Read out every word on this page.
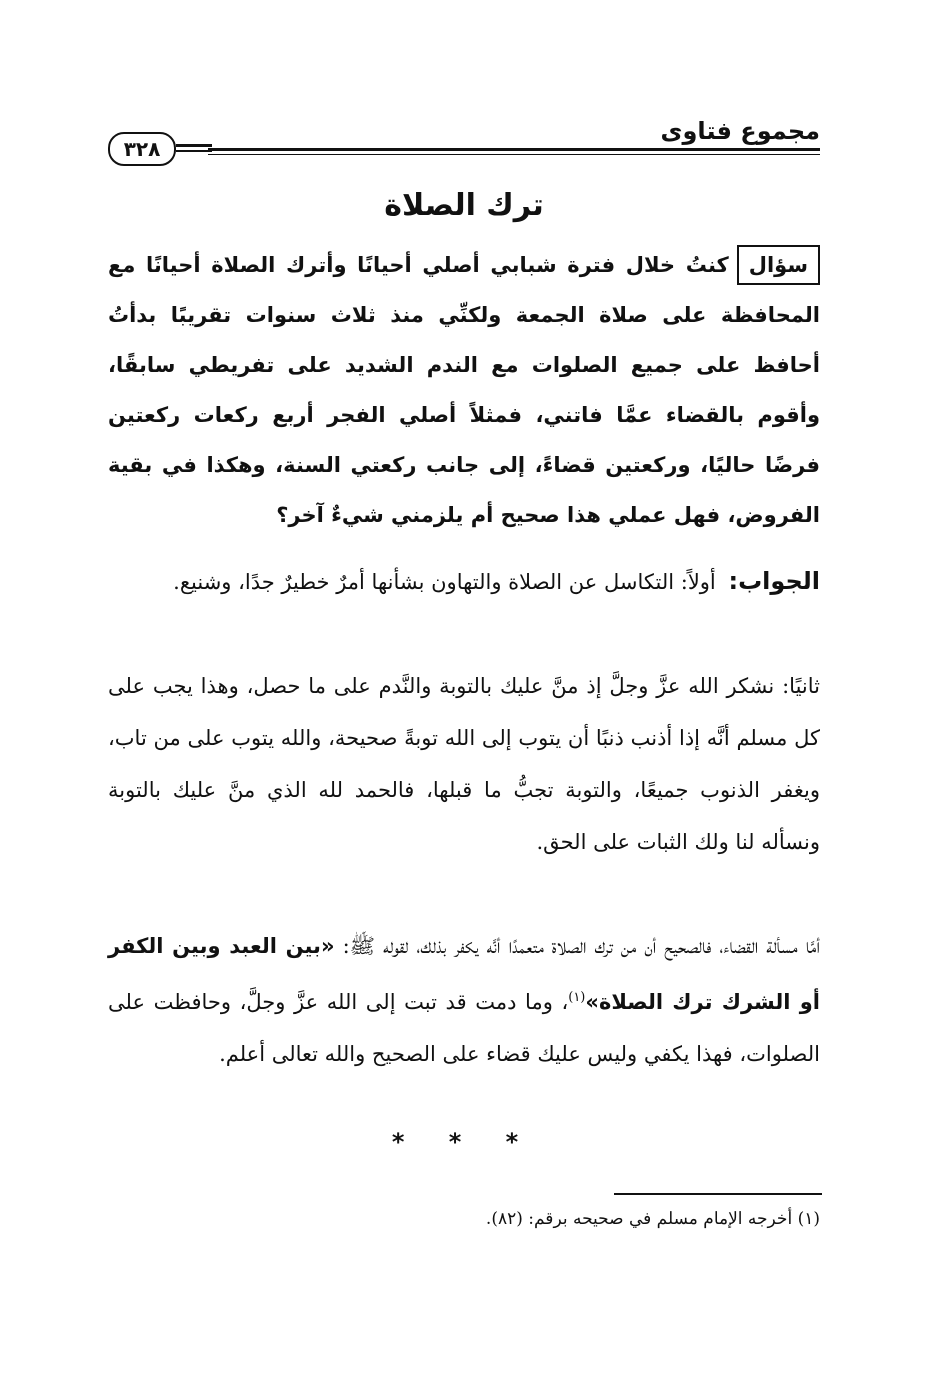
مجموع فتاوى
٣٢٨
ترك الصلاة
سؤالكنتُ خلال فترة شبابي أصلي أحيانًا وأترك الصلاة أحيانًا مع المحافظة على صلاة الجمعة ولكنِّي منذ ثلاث سنوات تقريبًا بدأتُ أحافظ على جميع الصلوات مع الندم الشديد على تفريطي سابقًا، وأقوم بالقضاء عمَّا فاتني، فمثلاً أصلي الفجر أربع ركعات ركعتين فرضًا حاليًا، وركعتين قضاءً، إلى جانب ركعتي السنة، وهكذا في بقية الفروض، فهل عملي هذا صحيح أم يلزمني شيءٌ آخر؟
الجواب: أولاً: التكاسل عن الصلاة والتهاون بشأنها أمرٌ خطيرٌ جدًا، وشنيع.
ثانيًا: نشكر الله عزَّ وجلَّ إذ منَّ عليك بالتوبة والنَّدم على ما حصل، وهذا يجب على كل مسلم أنَّه إذا أذنب ذنبًا أن يتوب إلى الله توبةً صحيحة، والله يتوب على من تاب، ويغفر الذنوب جميعًا، والتوبة تجبُّ ما قبلها، فالحمد لله الذي منَّ عليك بالتوبة ونسأله لنا ولك الثبات على الحق.
أمَّا مسألة القضاء، فالصحيح أن من ترك الصلاة متعمدًا أنَّه يكفر بذلك، لقوله ﷺ: «بين العبد وبين الكفر أو الشرك ترك الصلاة»$^{(١)}$، وما دمت قد تبت إلى الله عزَّ وجلَّ، وحافظت على الصلوات، فهذا يكفي وليس عليك قضاء على الصحيح والله تعالى أعلم.
* * *
(١) أخرجه الإمام مسلم في صحيحه برقم: (٨٢).
